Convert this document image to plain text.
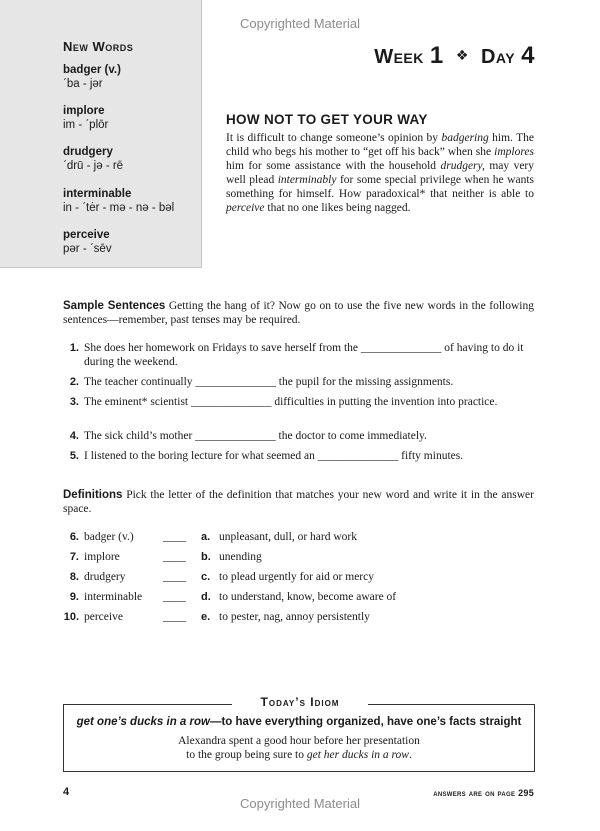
Copyrighted Material
New Words
badger (v.)
ˊba - jər
implore
im - ˊplōr
drudgery
ˊdrū - jə - rē
interminable
in - ˊtėr - mə - nə - bəl
perceive
pər - ˊsēv
Week 1 ❖ Day 4
HOW NOT TO GET YOUR WAY
It is difficult to change someone’s opinion by badgering him. The child who begs his mother to “get off his back” when she implores him for some assistance with the household drudgery, may very well plead interminably for some special privilege when he wants something for himself. How paradoxical* that neither is able to perceive that no one likes being nagged.
Sample Sentences Getting the hang of it? Now go on to use the five new words in the following sentences—remember, past tenses may be required.
1. She does her homework on Fridays to save herself from the ______________ of having to do it during the weekend.
2. The teacher continually ______________ the pupil for the missing assignments.
3. The eminent* scientist ______________ difficulties in putting the invention into practice.
4. The sick child’s mother ______________ the doctor to come immediately.
5. I listened to the boring lecture for what seemed an ______________ fifty minutes.
Definitions Pick the letter of the definition that matches your new word and write it in the answer space.
6. badger (v.)	____ a. unpleasant, dull, or hard work
7. implore	____ b. unending
8. drudgery	____ c. to plead urgently for aid or mercy
9. interminable ____ d. to understand, know, become aware of
10. perceive	____ e. to pester, nag, annoy persistently
Today’s Idiom
get one’s ducks in a row—to have everything organized, have one’s facts straight
Alexandra spent a good hour before her presentation
to the group being sure to get her ducks in a row.
4	answers are on page 295
Copyrighted Material
